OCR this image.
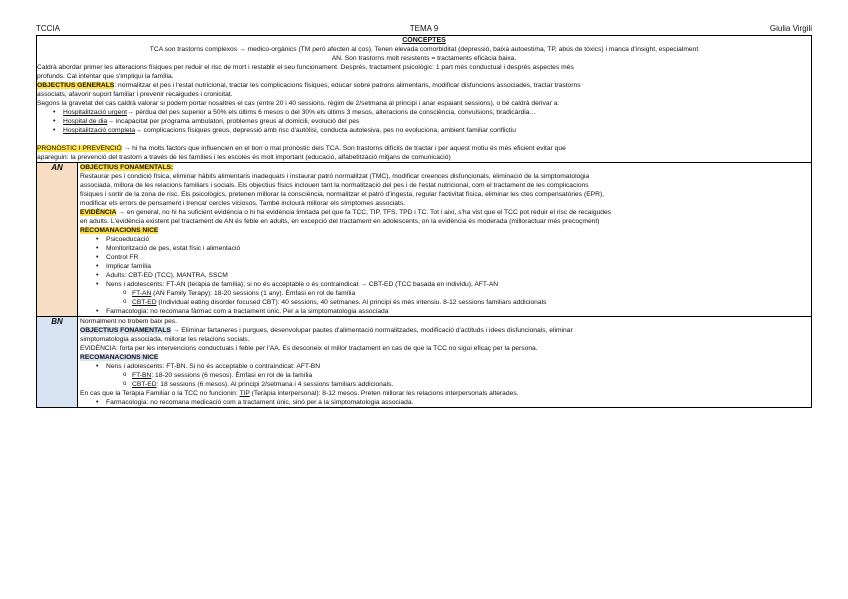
TCCIA	TEMA 9	Giulia Virgili
CONCEPTES
TCA son trastorns complexos → medico-orgànics (TM però afecten al cos). Tenen elevada comorbiditat (depressió, baixa autoestima, TP, abús de tòxics) i manca d'insight, especialment
AN. Son trastorns molt resistents = tractaments eficàcia baixa.
Caldrà abordar primer les alteracions físiques per reduir el risc de mort i restablir el seu funcionament. Després, tractament psicològic: 1 part més conductual i després aspectes més
profunds. Cal intentar que s'impliqui la família.
OBJECTIUS GENERALS: normalitzar el pes i l'estat nutricional, tractar les complicacions físiques, educar sobre patrons alimentaris, modificar disfuncions associades, tractar trastorns
associats, afavorir suport familiar i prevenir recaigudes i cronicitat.
Segons la gravetat del cas caldrà valorar si podem portar nosaltres el cas (entre 20 i 40 sessions, règim de 2/setmana al principi i anar espaiant sessions), o bé caldrà derivar a:
• Hospitalització urgent→ pèrdua del pes superior a 50% els últims 6 mesos o del 30% els últims 3 mesos, alteracions de consciència, convulsions, bradicàrdia…
• Hospital de dia→ incapacitat per programa ambulatori, problemes greus al domicili, evolució del pes
• Hospitalització completa→ complicacions físiques greus, depressió amb risc d'autòlisi, conducta autolesiva, pes no evoluciona, ambient familiar conflictiu
PRONÒSTIC I PREVENCIÓ → hi ha molts factors que influencien en el bon o mal pronòstic dels TCA. Son trastorns difícils de tractar i per aquest motiu és més eficient evitar que
apareguin: la prevenció del trastorn a través de les famílies i les escoles és molt important (educació, alfabetització mitjans de comunicació)
AN	OBJECTIUS FONAMENTALS:
Restaurar pes i condició física, eliminar hàbits alimentaris inadequats i instaurar patró normalitzat (TMC), modificar creences disfuncionals, eliminació de la simptomatologia
associada, millora de les relacions familiars i socials. Els objectius físics inclouen tant la normalització del pes i de l'estat nutricional, com el tractament de les complicacions
físiques i sortir de la zona de risc. Els psicològics, pretenen millorar la consciència, normalitzar el patró d'ingesta, regular l'activitat física, eliminar les ctes compensatòries (EPR),
modificar els errors de pensament i trencar cercles viciosos. També inclourà millorar els símptomes associats.
EVIDÈNCIA → en general, no hi ha suficient evidència o hi ha evidència limitada pel que fa TCC, TIP, TFS, TPD i TC. Tot i així, s'ha vist que el TCC pot reduir el risc de recaigudes
en adults. L'evidència existent pel tractament de AN és feble en adults, en excepció del tractament en adolescents, on la evidència és moderada (milloractuar més precoçment)
RECOMANACIONS NICE
• Psicoeducació
• Monitorització de pes, estat físic i alimentació
• Control FR
• Implicar família
• Adults: CBT-ED (TCC), MANTRA, SSCM
• Nens i adolescents: FT-AN (teràpia de família); si no és acceptable o és contraindicat → CBT-ED (TCC basada en individu), AFT-AN
o FT-AN (AN Family Terapy): 18-20 sessions (1 any). Èmfasi en rol de família
o CBT-ED (Individual eating disorder focused CBT): 40 sessions, 40 setmanes. Al principi és més intensiu. 8-12 sessions familiars addicionals
• Farmacologia: no recomana fàrmac com a tractament únic. Per a la simptomatologia associada
BN	Normalment no trobem baix pes.
OBJECTIUS FONAMENTALS → Eliminar fartaneres i purgues, desenvolupar pautes d'alimentació normalitzades, modificació d'actituds i idees disfuncionals, eliminar
simptomatologia associada, millorar les relacions socials.
EVIDÈNCIA: forta per les intervencions conductuals i feble per l'AA. Es desconeix el millor tractament en cas de que la TCC no sigui eficaç per la persona.
RECOMANACIONS NICE
• Nens i adolescents: FT-BN. Si no és acceptable o contraindicat: AFT-BN
o FT-BN: 18-20 sessions (6 mesos). Èmfasi en rol de la família
o CBT-ED: 18 sessions (6 mesos). Al principi 2/setmana i 4 sessions familiars addicionals.
En cas que la Teràpia Familiar o la TCC no funcionin: TIP (Teràpia interpersonal): 8-12 mesos. Preten millorar les relacions interpersonals alterades.
• Farmacologia: no recomana medicació com a tractament únic, sinó per a la simptomatologia associada.
